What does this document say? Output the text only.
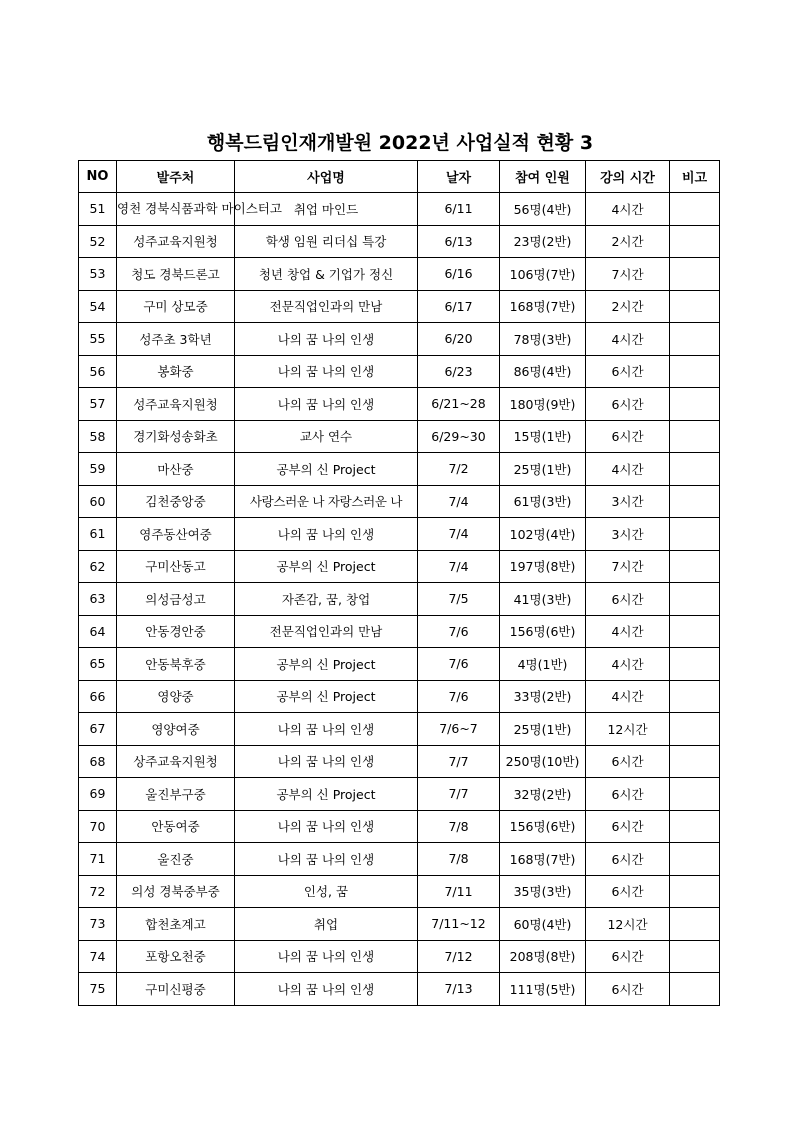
행복드림인재개발원 2022년 사업실적 현황 3
NO	발주처	사업명	날자	참여 인원	강의 시간	비고
51	영천 경북식품과학 마이스터고	취업 마인드	6/11	56명(4반)	4시간	
52	성주교육지원청	학생 임원 리더십 특강	6/13	23명(2반)	2시간	
53	청도 경북드론고	청년 창업 & 기업가 정신	6/16	106명(7반)	7시간	
54	구미 상모중	전문직업인과의 만남	6/17	168명(7반)	2시간	
55	성주초 3학년	나의 꿈 나의 인생	6/20	78명(3반)	4시간	
56	봉화중	나의 꿈 나의 인생	6/23	86명(4반)	6시간	
57	성주교육지원청	나의 꿈 나의 인생	6/21~28	180명(9반)	6시간	
58	경기화성송화초	교사 연수	6/29~30	15명(1반)	6시간	
59	마산중	공부의 신 Project	7/2	25명(1반)	4시간	
60	김천중앙중	사랑스러운 나 자랑스러운 나	7/4	61명(3반)	3시간	
61	영주동산여중	나의 꿈 나의 인생	7/4	102명(4반)	3시간	
62	구미산동고	공부의 신 Project	7/4	197명(8반)	7시간	
63	의성금성고	자존감, 꿈, 창업	7/5	41명(3반)	6시간	
64	안동경안중	전문직업인과의 만남	7/6	156명(6반)	4시간	
65	안동북후중	공부의 신 Project	7/6	4명(1반)	4시간	
66	영양중	공부의 신 Project	7/6	33명(2반)	4시간	
67	영양여중	나의 꿈 나의 인생	7/6~7	25명(1반)	12시간	
68	상주교육지원청	나의 꿈 나의 인생	7/7	250명(10반)	6시간	
69	울진부구중	공부의 신 Project	7/7	32명(2반)	6시간	
70	안동여중	나의 꿈 나의 인생	7/8	156명(6반)	6시간	
71	울진중	나의 꿈 나의 인생	7/8	168명(7반)	6시간	
72	의성 경북중부중	인성, 꿈	7/11	35명(3반)	6시간	
73	합천초계고	취업	7/11~12	60명(4반)	12시간	
74	포항오천중	나의 꿈 나의 인생	7/12	208명(8반)	6시간	
75	구미신평중	나의 꿈 나의 인생	7/13	111명(5반)	6시간	
